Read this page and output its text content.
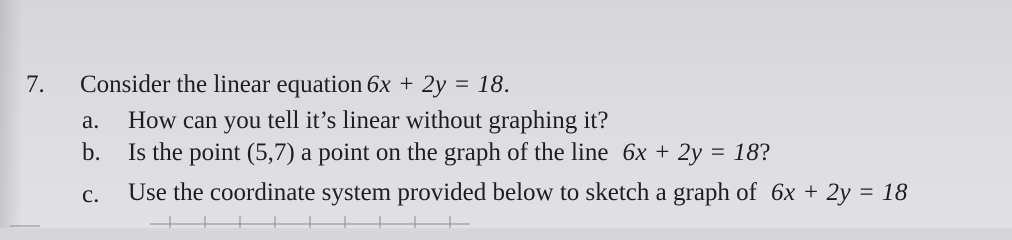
7. Consider the linear equation 6x + 2y = 18.
a. How can you tell it’s linear without graphing it?
b. Is the point (5,7) a point on the graph of the line 6x + 2y = 18?
c. Use the coordinate system provided below to sketch a graph of 6x + 2y = 18
